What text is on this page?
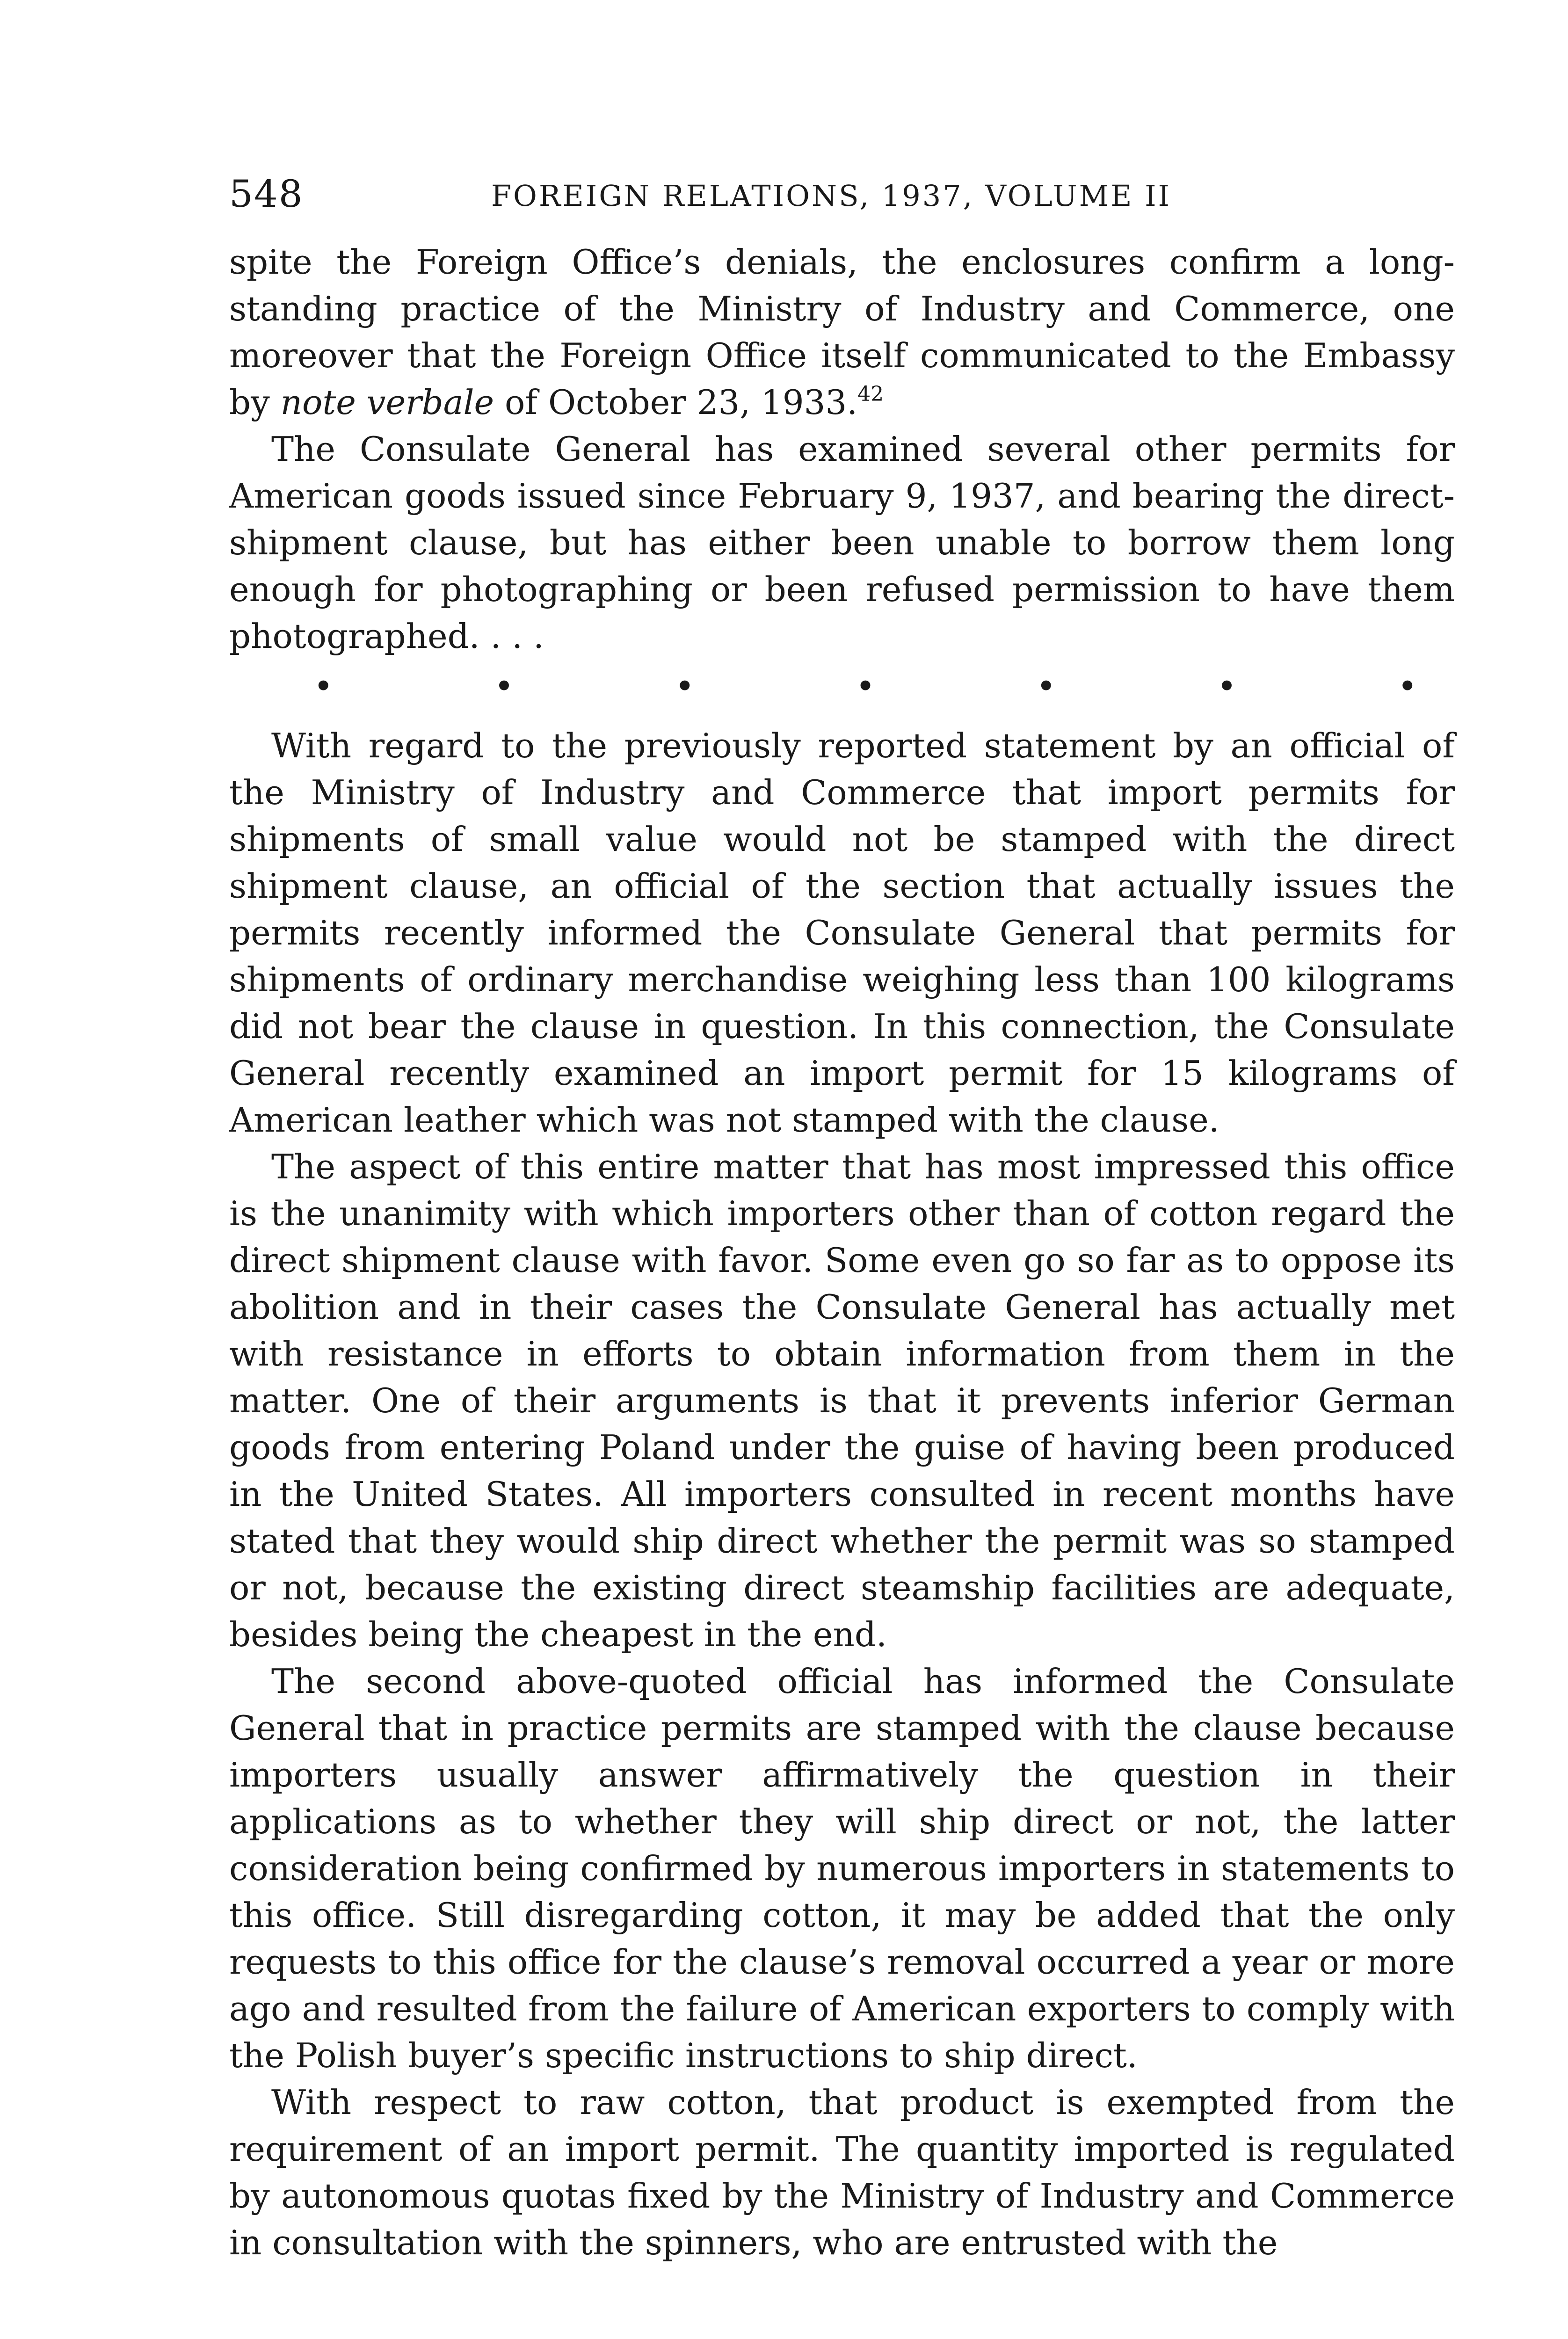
548	FOREIGN RELATIONS, 1937, VOLUME II

spite the Foreign Office’s denials, the enclosures confirm a long-standing practice of the Ministry of Industry and Commerce, one moreover that the Foreign Office itself communicated to the Embassy by note verbale of October 23, 1933.42

The Consulate General has examined several other permits for American goods issued since February 9, 1937, and bearing the direct-shipment clause, but has either been unable to borrow them long enough for photographing or been refused permission to have them photographed. . . .

•	•	•	•	•	•	•

With regard to the previously reported statement by an official of the Ministry of Industry and Commerce that import permits for shipments of small value would not be stamped with the direct shipment clause, an official of the section that actually issues the permits recently informed the Consulate General that permits for shipments of ordinary merchandise weighing less than 100 kilograms did not bear the clause in question. In this connection, the Consulate General recently examined an import permit for 15 kilograms of American leather which was not stamped with the clause.

The aspect of this entire matter that has most impressed this office is the unanimity with which importers other than of cotton regard the direct shipment clause with favor. Some even go so far as to oppose its abolition and in their cases the Consulate General has actually met with resistance in efforts to obtain information from them in the matter. One of their arguments is that it prevents inferior German goods from entering Poland under the guise of having been produced in the United States. All importers consulted in recent months have stated that they would ship direct whether the permit was so stamped or not, because the existing direct steamship facilities are adequate, besides being the cheapest in the end.

The second above-quoted official has informed the Consulate General that in practice permits are stamped with the clause because importers usually answer affirmatively the question in their applications as to whether they will ship direct or not, the latter consideration being confirmed by numerous importers in statements to this office. Still disregarding cotton, it may be added that the only requests to this office for the clause’s removal occurred a year or more ago and resulted from the failure of American exporters to comply with the Polish buyer’s specific instructions to ship direct.

With respect to raw cotton, that product is exempted from the requirement of an import permit. The quantity imported is regulated by autonomous quotas fixed by the Ministry of Industry and Commerce in consultation with the spinners, who are entrusted with the
